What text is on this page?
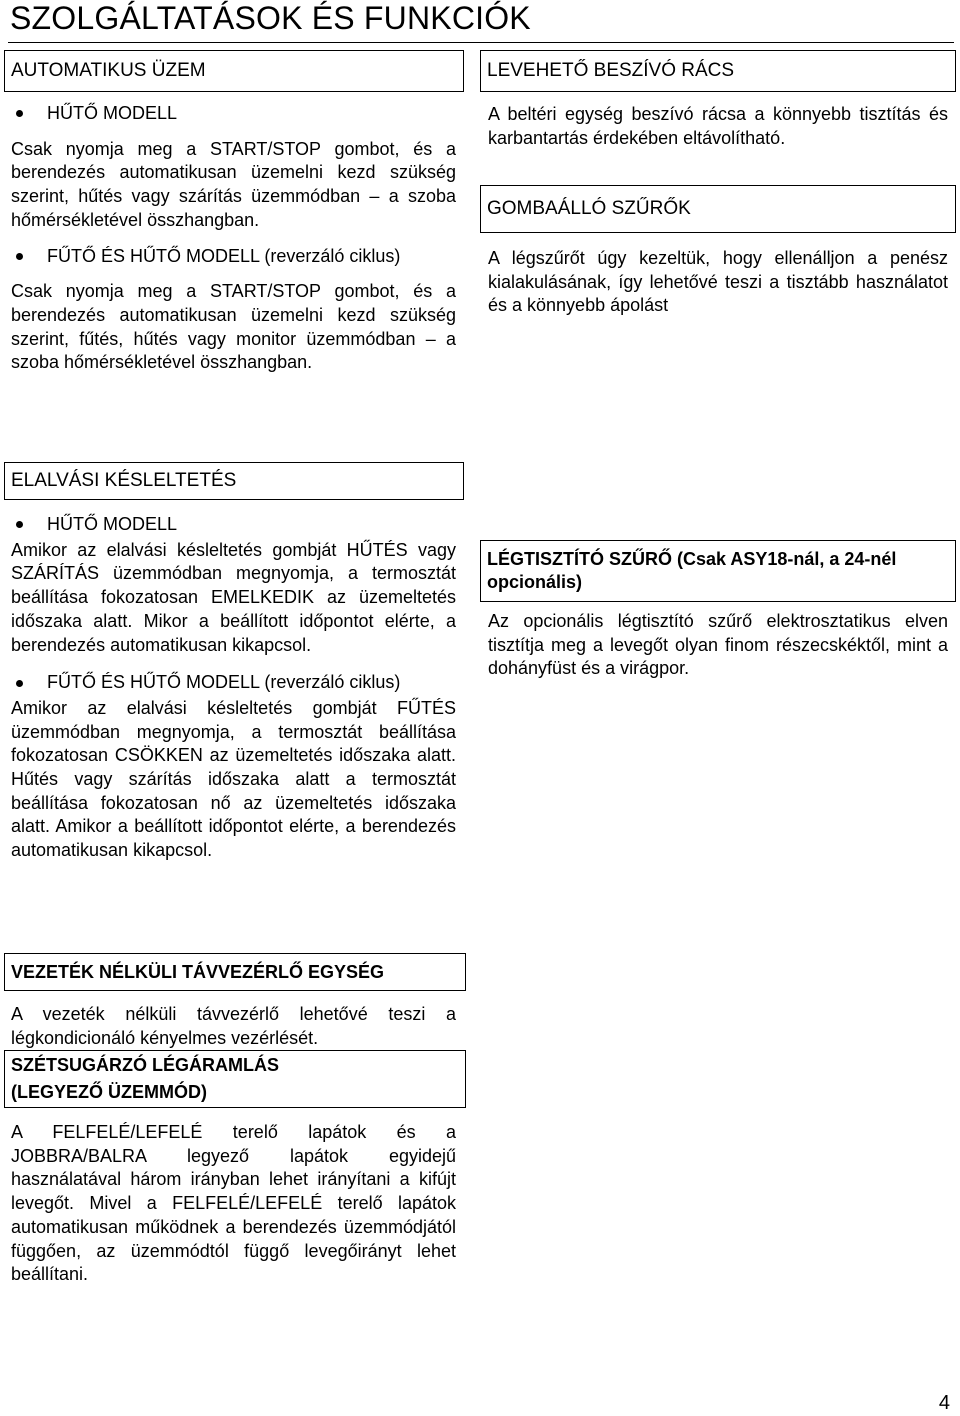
SZOLGÁLTATÁSOK ÉS FUNKCIÓK
AUTOMATIKUS ÜZEM
HŰTŐ MODELL

Csak nyomja meg a START/STOP gombot, és a berendezés automatikusan üzemelni kezd szükség szerint, hűtés vagy szárítás üzemmódban – a szoba hőmérsékletével összhangban.

FŰTŐ ÉS HŰTŐ MODELL (reverzáló ciklus)

Csak nyomja meg a START/STOP gombot, és a berendezés automatikusan üzemelni kezd szükség szerint, fűtés, hűtés vagy monitor üzemmódban – a szoba hőmérsékletével összhangban.

LEVEHETŐ BESZÍVÓ RÁCS

A beltéri egység beszívó rácsa a könnyebb tisztítás és karbantartás érdekében eltávolítható.

GOMBAÁLLÓ SZŰRŐK

A légszűrőt úgy kezeltük, hogy ellenálljon a penész kialakulásának, így lehetővé teszi a tisztább használatot és a könnyebb ápolást

ELALVÁSI KÉSLELTETÉS
HŰTŐ MODELL

Amikor az elalvási késleltetés gombját HŰTÉS vagy SZÁRÍTÁS üzemmódban megnyomja, a termosztát beállítása fokozatosan EMELKEDIK az üzemeltetés időszaka alatt. Mikor a beállított időpontot elérte, a berendezés automatikusan kikapcsol.

FŰTŐ ÉS HŰTŐ MODELL (reverzáló ciklus)

Amikor az elalvási késleltetés gombját FŰTÉS üzemmódban megnyomja, a termosztát beállítása fokozatosan CSÖKKEN az üzemeltetés időszaka alatt. Hűtés vagy szárítás időszaka alatt a termosztát beállítása fokozatosan nő az üzemeltetés időszaka alatt. Amikor a beállított időpontot elérte, a berendezés automatikusan kikapcsol.

LÉGTISZTÍTÓ SZŰRŐ (Csak ASY18-nál, a 24-nél opcionális)

Az opcionális légtisztító szűrő elektrosztatikus elven tisztítja meg a levegőt olyan finom részecskéktől, mint a dohányfüst és a virágpor.

VEZETÉK NÉLKÜLI TÁVVEZÉRLŐ EGYSÉG

A vezeték nélküli távvezérlő lehetővé teszi a légkondicionáló kényelmes vezérlését.

SZÉTSUGÁRZÓ LÉGÁRAMLÁS
(LEGYEZŐ ÜZEMMÓD)

A FELFELÉ/LEFELÉ terelő lapátok és a JOBBRA/BALRA legyező lapátok egyidejű használatával három irányban lehet irányítani a kifújt levegőt. Mivel a FELFELÉ/LEFELÉ terelő lapátok automatikusan működnek a berendezés üzemmódjától függően, az üzemmódtól függő levegőirányt lehet beállítani.

4
